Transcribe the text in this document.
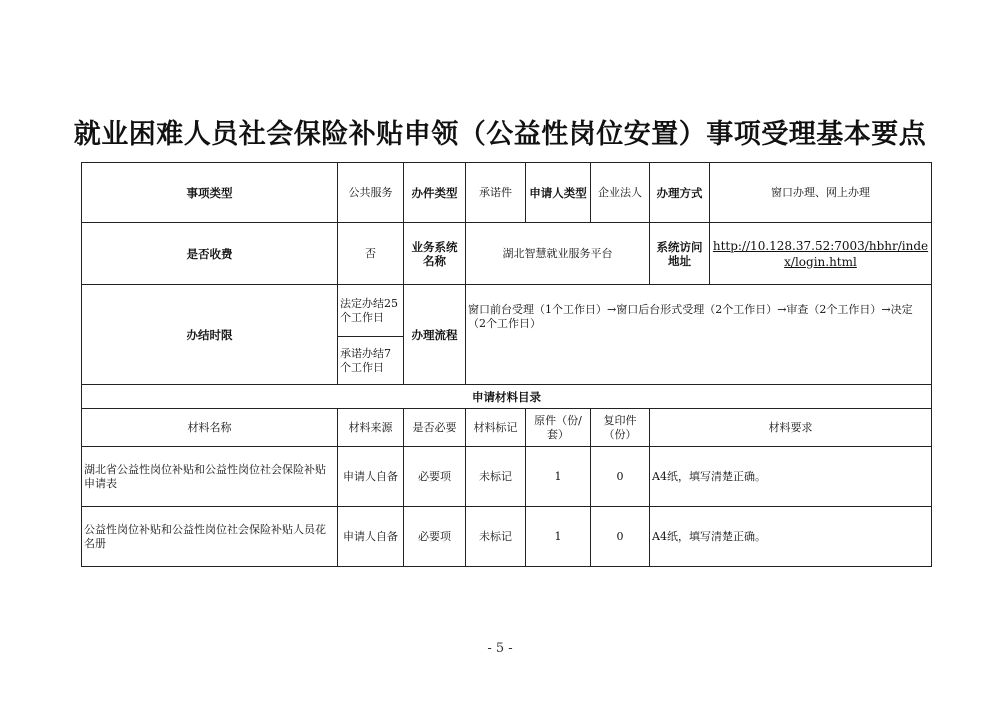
就业困难人员社会保险补贴申领（公益性岗位安置）事项受理基本要点
事项类型	公共服务	办件类型	承诺件	申请人类型	企业法人	办理方式	窗口办理、网上办理
是否收费	否	业务系统名称	湖北智慧就业服务平台			系统访问地址	http://10.128.37.52:7003/hbhr/index/login.html
办结时限	法定办结25个工作日	办理流程	窗口前台受理（1个工作日）→窗口后台形式受理（2个工作日）→审查（2个工作日）→决定（2个工作日）				
	承诺办结7个工作日						
申请材料目录							
材料名称	材料来源	是否必要	材料标记	原件（份/套）	复印件（份）	材料要求	
湖北省公益性岗位补贴和公益性岗位社会保险补贴申请表	申请人自备	必要项	未标记	1	0	A4纸，填写清楚正确。	
公益性岗位补贴和公益性岗位社会保险补贴人员花名册	申请人自备	必要项	未标记	1	0	A4纸，填写清楚正确。	
- 5 -
